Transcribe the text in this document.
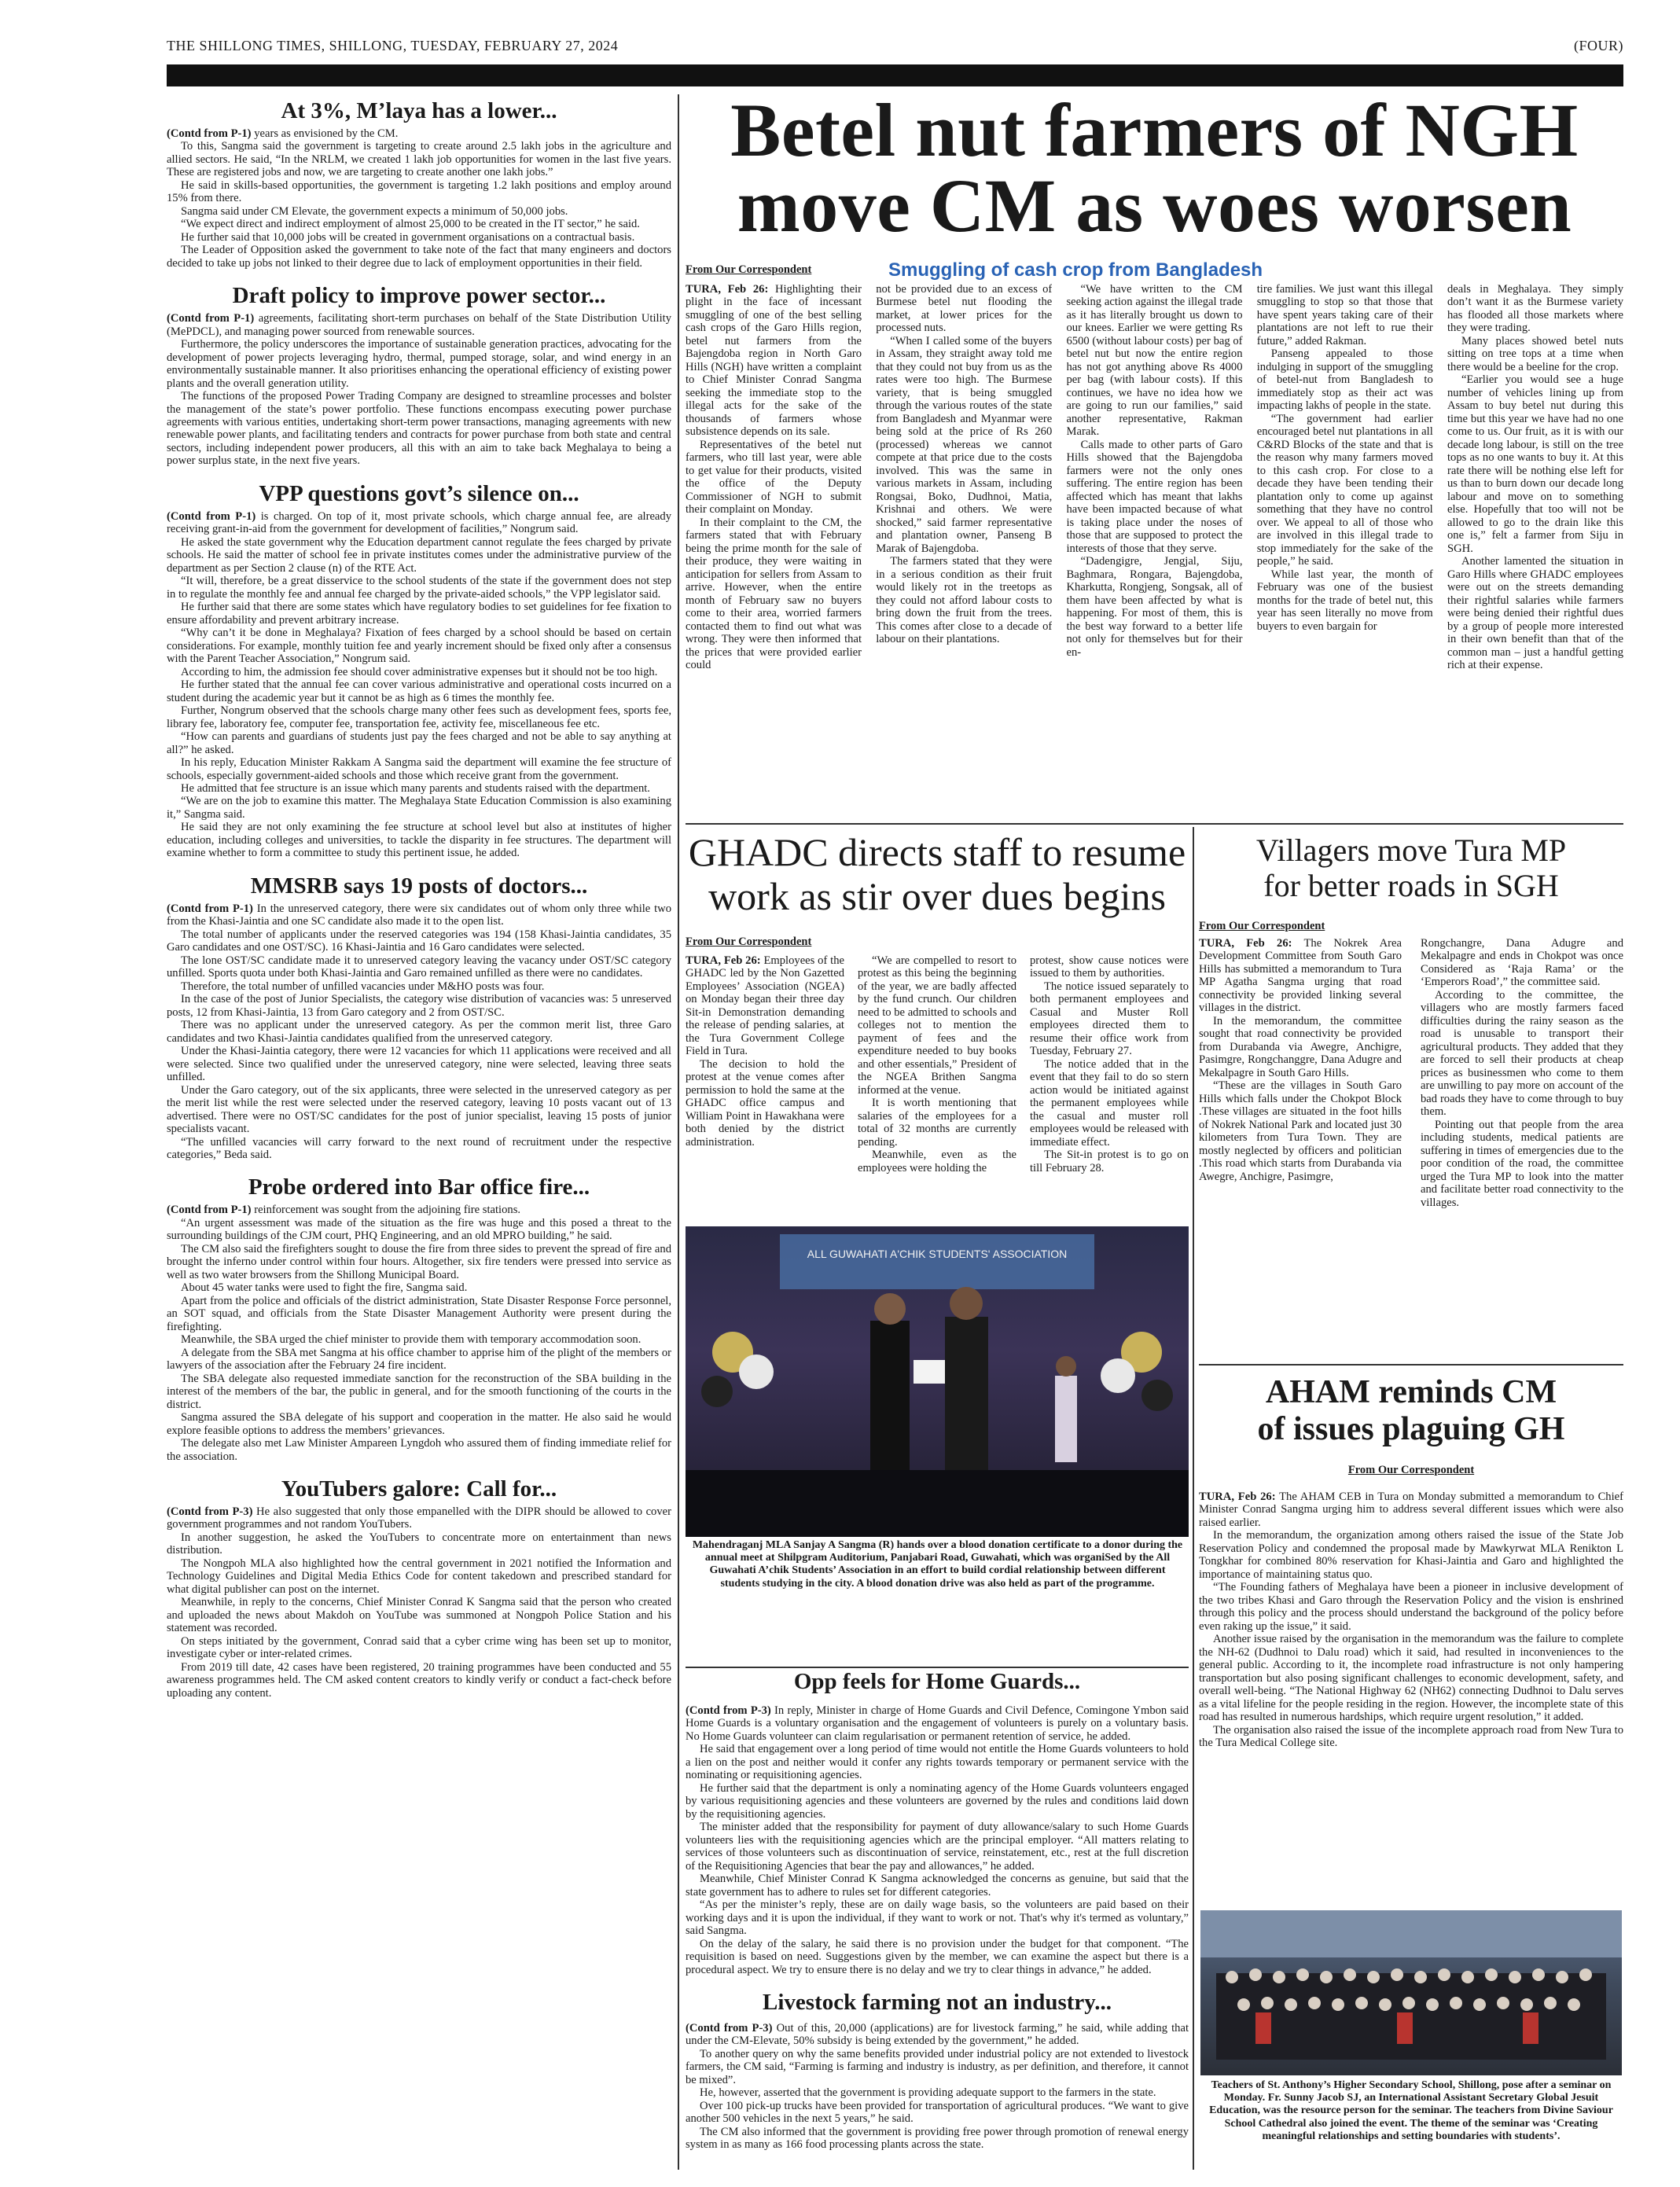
THE SHILLONG TIMES, SHILLONG, TUESDAY, FEBRUARY 27, 2024	(FOUR)
At 3%, M’laya has a lower...

(Contd from P-1) years as envisioned by the CM.

To this, Sangma said the government is targeting to create around 2.5 lakh jobs in the agriculture and allied sectors. He said, “In the NRLM, we created 1 lakh job opportunities for women in the last five years. These are registered jobs and now, we are targeting to create another one lakh jobs.”

He said in skills-based opportunities, the government is targeting 1.2 lakh positions and employ around 15% from there.

Sangma said under CM Elevate, the government expects a minimum of 50,000 jobs.

“We expect direct and indirect employment of almost 25,000 to be created in the IT sector,” he said.

He further said that 10,000 jobs will be created in government organisations on a contractual basis.

The Leader of Opposition asked the government to take note of the fact that many engineers and doctors decided to take up jobs not linked to their degree due to lack of employment opportunities in their field.

Draft policy to improve power sector...

(Contd from P-1) agreements, facilitating short-term purchases on behalf of the State Distribution Utility (MePDCL), and managing power sourced from renewable sources.

Furthermore, the policy underscores the importance of sustainable generation practices, advocating for the development of power projects leveraging hydro, thermal, pumped storage, solar, and wind energy in an environmentally sustainable manner. It also prioritises enhancing the operational efficiency of existing power plants and the overall generation utility.

The functions of the proposed Power Trading Company are designed to streamline processes and bolster the management of the state’s power portfolio. These functions encompass executing power purchase agreements with various entities, undertaking short-term power transactions, managing agreements with new renewable power plants, and facilitating tenders and contracts for power purchase from both state and central sectors, including independent power producers, all this with an aim to take back Meghalaya to being a power surplus state, in the next five years.

VPP questions govt’s silence on...

(Contd from P-1) is charged. On top of it, most private schools, which charge annual fee, are already receiving grant-in-aid from the government for development of facilities,” Nongrum said.

He asked the state government why the Education department cannot regulate the fees charged by private schools. He said the matter of school fee in private institutes comes under the administrative purview of the department as per Section 2 clause (n) of the RTE Act.

“It will, therefore, be a great disservice to the school students of the state if the government does not step in to regulate the monthly fee and annual fee charged by the private-aided schools,” the VPP legislator said.

He further said that there are some states which have regulatory bodies to set guidelines for fee fixation to ensure affordability and prevent arbitrary increase.

“Why can’t it be done in Meghalaya? Fixation of fees charged by a school should be based on certain considerations. For example, monthly tuition fee and yearly increment should be fixed only after a consensus with the Parent Teacher Association,” Nongrum said.

According to him, the admission fee should cover administrative expenses but it should not be too high.

He further stated that the annual fee can cover various administrative and operational costs incurred on a student during the academic year but it cannot be as high as 6 times the monthly fee.

Further, Nongrum observed that the schools charge many other fees such as development fees, sports fee, library fee, laboratory fee, computer fee, transportation fee, activity fee, miscellaneous fee etc.

“How can parents and guardians of students just pay the fees charged and not be able to say anything at all?” he asked.

In his reply, Education Minister Rakkam A Sangma said the department will examine the fee structure of schools, especially government-aided schools and those which receive grant from the government.

He admitted that fee structure is an issue which many parents and students raised with the department.

“We are on the job to examine this matter. The Meghalaya State Education Commission is also examining it,” Sangma said.

He said they are not only examining the fee structure at school level but also at institutes of higher education, including colleges and universities, to tackle the disparity in fee structures. The department will examine whether to form a committee to study this pertinent issue, he added.

MMSRB says 19 posts of doctors...

(Contd from P-1) In the unreserved category, there were six candidates out of whom only three while two from the Khasi-Jaintia and one SC candidate also made it to the open list.

The total number of applicants under the reserved categories was 194 (158 Khasi-Jaintia candidates, 35 Garo candidates and one OST/SC). 16 Khasi-Jaintia and 16 Garo candidates were selected.

The lone OST/SC candidate made it to unreserved category leaving the vacancy under OST/SC category unfilled. Sports quota under both Khasi-Jaintia and Garo remained unfilled as there were no candidates.

Therefore, the total number of unfilled vacancies under M&HO posts was four.

In the case of the post of Junior Specialists, the category wise distribution of vacancies was: 5 unreserved posts, 12 from Khasi-Jaintia, 13 from Garo category and 2 from OST/SC.

There was no applicant under the unreserved category. As per the common merit list, three Garo candidates and two Khasi-Jaintia candidates qualified from the unreserved category.

Under the Khasi-Jaintia category, there were 12 vacancies for which 11 applications were received and all were selected. Since two qualified under the unreserved category, nine were selected, leaving three seats unfilled.

Under the Garo category, out of the six applicants, three were selected in the unreserved category as per the merit list while the rest were selected under the reserved category, leaving 10 posts vacant out of 13 advertised. There were no OST/SC candidates for the post of junior specialist, leaving 15 posts of junior specialists vacant.

“The unfilled vacancies will carry forward to the next round of recruitment under the respective categories,” Beda said.

Probe ordered into Bar office fire...

(Contd from P-1) reinforcement was sought from the adjoining fire stations.

“An urgent assessment was made of the situation as the fire was huge and this posed a threat to the surrounding buildings of the CJM court, PHQ Engineering, and an old MPRO building,” he said.

The CM also said the firefighters sought to douse the fire from three sides to prevent the spread of fire and brought the inferno under control within four hours. Altogether, six fire tenders were pressed into service as well as two water browsers from the Shillong Municipal Board.

About 45 water tanks were used to fight the fire, Sangma said.

Apart from the police and officials of the district administration, State Disaster Response Force personnel, an SOT squad, and officials from the State Disaster Management Authority were present during the firefighting.

Meanwhile, the SBA urged the chief minister to provide them with temporary accommodation soon.

A delegate from the SBA met Sangma at his office chamber to apprise him of the plight of the members or lawyers of the association after the February 24 fire incident.

The SBA delegate also requested immediate sanction for the reconstruction of the SBA building in the interest of the members of the bar, the public in general, and for the smooth functioning of the courts in the district.

Sangma assured the SBA delegate of his support and cooperation in the matter. He also said he would explore feasible options to address the members’ grievances.

The delegate also met Law Minister Ampareen Lyngdoh who assured them of finding immediate relief for the association.

YouTubers galore: Call for...

(Contd from P-3) He also suggested that only those empanelled with the DIPR should be allowed to cover government programmes and not random YouTubers.

In another suggestion, he asked the YouTubers to concentrate more on entertainment than news distribution.

The Nongpoh MLA also highlighted how the central government in 2021 notified the Information and Technology Guidelines and Digital Media Ethics Code for content takedown and prescribed standard for what digital publisher can post on the internet.

Meanwhile, in reply to the concerns, Chief Minister Conrad K Sangma said that the person who created and uploaded the news about Makdoh on YouTube was summoned at Nongpoh Police Station and his statement was recorded.

On steps initiated by the government, Conrad said that a cyber crime wing has been set up to monitor, investigate cyber or inter-related crimes.

From 2019 till date, 42 cases have been registered, 20 training programmes have been conducted and 55 awareness programmes held. The CM asked content creators to kindly verify or conduct a fact-check before uploading any content.

Betel nut farmers of NGH
move CM as woes worsen
From Our Correspondent	Smuggling of cash crop from Bangladesh

TURA, Feb 26: Highlighting their plight in the face of incessant smuggling of one of the best selling cash crops of the Garo Hills region, betel nut farmers from the Bajengdoba region in North Garo Hills (NGH) have written a complaint to Chief Minister Conrad Sangma seeking the immediate stop to the illegal acts for the sake of the thousands of farmers whose subsistence depends on its sale.

Representatives of the betel nut farmers, who till last year, were able to get value for their products, visited the office of the Deputy Commissioner of NGH to submit their complaint on Monday.

In their complaint to the CM, the farmers stated that with February being the prime month for the sale of their produce, they were waiting in anticipation for sellers from Assam to arrive. However, when the entire month of February saw no buyers come to their area, worried farmers contacted them to find out what was wrong. They were then informed that the prices that were provided earlier could

not be provided due to an excess of Burmese betel nut flooding the market, at lower prices for the processed nuts.

“When I called some of the buyers in Assam, they straight away told me that they could not buy from us as the rates were too high. The Burmese variety, that is being smuggled through the various routes of the state from Bangladesh and Myanmar were being sold at the price of Rs 260 (processed) whereas we cannot compete at that price due to the costs involved. This was the same in various markets in Assam, including Rongsai, Boko, Dudhnoi, Matia, Krishnai and others. We were shocked,” said farmer representative and plantation owner, Panseng B Marak of Bajengdoba.

The farmers stated that they were in a serious condition as their fruit would likely rot in the treetops as they could not afford labour costs to bring down the fruit from the trees. This comes after close to a decade of labour on their plantations.

“We have written to the CM seeking action against the illegal trade as it has literally brought us down to our knees. Earlier we were getting Rs 6500 (without labour costs) per bag of betel nut but now the entire region has not got anything above Rs 4000 per bag (with labour costs). If this continues, we have no idea how we are going to run our families,” said another representative, Rakman Marak.

Calls made to other parts of Garo Hills showed that the Bajengdoba farmers were not the only ones suffering. The entire region has been affected which has meant that lakhs have been impacted because of what is taking place under the noses of those that are supposed to protect the interests of those that they serve.

“Dadengigre, Jengjal, Siju, Baghmara, Rongara, Bajengdoba, Kharkutta, Rongjeng, Songsak, all of them have been affected by what is happening. For most of them, this is the best way forward to a better life not only for themselves but for their en-

tire families. We just want this illegal smuggling to stop so that those that have spent years taking care of their plantations are not left to rue their future,” added Rakman.

Panseng appealed to those indulging in support of the smuggling of betel-nut from Bangladesh to immediately stop as their act was impacting lakhs of people in the state.

“The government had earlier encouraged betel nut plantations in all C&RD Blocks of the state and that is the reason why many farmers moved to this cash crop. For close to a decade they have been tending their plantation only to come up against something that they have no control over. We appeal to all of those who are involved in this illegal trade to stop immediately for the sake of the people,” he said.

While last year, the month of February was one of the busiest months for the trade of betel nut, this year has seen literally no move from buyers to even bargain for

deals in Meghalaya. They simply don’t want it as the Burmese variety has flooded all those markets where they were trading.

Many places showed betel nuts sitting on tree tops at a time when there would be a beeline for the crop.

“Earlier you would see a huge number of vehicles lining up from Assam to buy betel nut during this time but this year we have had no one come to us. Our fruit, as it is with our decade long labour, is still on the tree tops as no one wants to buy it. At this rate there will be nothing else left for us than to burn down our decade long labour and move on to something else. Hopefully that too will not be allowed to go to the drain like this one is,” felt a farmer from Siju in SGH.

Another lamented the situation in Garo Hills where GHADC employees were out on the streets demanding their rightful salaries while farmers were being denied their rightful dues by a group of people more interested in their own benefit than that of the common man – just a handful getting rich at their expense.

GHADC directs staff to resume
work as stir over dues begins
From Our Correspondent

TURA, Feb 26: Employees of the GHADC led by the Non Gazetted Employees’ Association (NGEA) on Monday began their three day Sit-in Demonstration demanding the release of pending salaries, at the Tura Government College Field in Tura.

The decision to hold the protest at the venue comes after permission to hold the same at the GHADC office campus and William Point in Hawakhana were both denied by the district administration.

“We are compelled to resort to protest as this being the beginning of the year, we are badly affected by the fund crunch. Our children need to be admitted to schools and colleges not to mention the payment of fees and the expenditure needed to buy books and other essentials,” President of the NGEA Brithen Sangma informed at the venue.

It is worth mentioning that salaries of the employees for a total of 32 months are currently pending.

Meanwhile, even as the employees were holding the

protest, show cause notices were issued to them by authorities.

The notice issued separately to both permanent employees and Casual and Muster Roll employees directed them to resume their office work from Tuesday, February 27.

The notice added that in the event that they fail to do so stern action would be initiated against the permanent employees while the casual and muster roll employees would be released with immediate effect.

The Sit-in protest is to go on till February 28.

ALL GUWAHATI A'CHIK STUDENTS' ASSOCIATION
Mahendraganj MLA Sanjay A Sangma (R) hands over a blood donation certificate to a donor during the annual meet at Shilpgram Auditorium, Panjabari Road, Guwahati, which was organiSed by the All Guwahati A’chik Students’ Association in an effort to build cordial relationship between different students studying in the city. A blood donation drive was also held as part of the programme.
Villagers move Tura MP
for better roads in SGH
From Our Correspondent

TURA, Feb 26: The Nokrek Area Development Committee from South Garo Hills has submitted a memorandum to Tura MP Agatha Sangma urging that road connectivity be provided linking several villages in the district.

In the memorandum, the committee sought that road connectivity be provided from Durabanda via Awegre, Anchigre, Pasimgre, Rongchanggre, Dana Adugre and Mekalpagre in South Garo Hills.

“These are the villages in South Garo Hills which falls under the Chokpot Block .These villages are situated in the foot hills of Nokrek National Park and located just 30 kilometers from Tura Town. They are mostly neglected by officers and politician .This road which starts from Durabanda via Awegre, Anchigre, Pasimgre,

Rongchangre, Dana Adugre and Mekalpagre and ends in Chokpot was once Considered as ‘Raja Rama’ or the ‘Emperors Road’,” the committee said.

According to the committee, the villagers who are mostly farmers faced difficulties during the rainy season as the road is unusable to transport their agricultural products. They added that they are forced to sell their products at cheap prices as businessmen who come to them are unwilling to pay more on account of the bad roads they have to come through to buy them.

Pointing out that people from the area including students, medical patients are suffering in times of emergencies due to the poor condition of the road, the committee urged the Tura MP to look into the matter and facilitate better road connectivity to the villages.

AHAM reminds CM
of issues plaguing GH
From Our Correspondent

TURA, Feb 26: The AHAM CEB in Tura on Monday submitted a memorandum to Chief Minister Conrad Sangma urging him to address several different issues which were also raised earlier.

In the memorandum, the organization among others raised the issue of the State Job Reservation Policy and condemned the proposal made by Mawkyrwat MLA Renikton L Tongkhar for combined 80% reservation for Khasi-Jaintia and Garo and highlighted the importance of maintaining status quo.

“The Founding fathers of Meghalaya have been a pioneer in inclusive development of the two tribes Khasi and Garo through the Reservation Policy and the vision is enshrined through this policy and the process should understand the background of the policy before even raking up the issue,” it said.

Another issue raised by the organisation in the memorandum was the failure to complete the NH-62 (Dudhnoi to Dalu road) which it said, had resulted in inconveniences to the general public. According to it, the incomplete road infrastructure is not only hampering transportation but also posing significant challenges to economic development, safety, and overall well-being. “The National Highway 62 (NH62) connecting Dudhnoi to Dalu serves as a vital lifeline for the people residing in the region. However, the incomplete state of this road has resulted in numerous hardships, which require urgent resolution,” it added.

The organisation also raised the issue of the incomplete approach road from New Tura to the Tura Medical College site.

Teachers of St. Anthony’s Higher Secondary School, Shillong, pose after a seminar on Monday. Fr. Sunny Jacob SJ, an International Assistant Secretary Global Jesuit Education, was the resource person for the seminar. The teachers from Divine Saviour School Cathedral also joined the event. The theme of the seminar was ‘Creating meaningful relationships and setting boundaries with students’.
Opp feels for Home Guards...

(Contd from P-3) In reply, Minister in charge of Home Guards and Civil Defence, Comingone Ymbon said Home Guards is a voluntary organisation and the engagement of volunteers is purely on a voluntary basis. No Home Guards volunteer can claim regularisation or permanent retention of service, he added.

He said that engagement over a long period of time would not entitle the Home Guards volunteers to hold a lien on the post and neither would it confer any rights towards temporary or permanent service with the nominating or requisitioning agencies.

He further said that the department is only a nominating agency of the Home Guards volunteers engaged by various requisitioning agencies and these volunteers are governed by the rules and conditions laid down by the requisitioning agencies.

The minister added that the responsibility for payment of duty allowance/salary to such Home Guards volunteers lies with the requisitioning agencies which are the principal employer. “All matters relating to services of those volunteers such as discontinuation of service, reinstatement, etc., rest at the full discretion of the Requisitioning Agencies that bear the pay and allowances,” he added.

Meanwhile, Chief Minister Conrad K Sangma acknowledged the concerns as genuine, but said that the state government has to adhere to rules set for different categories.

“As per the minister’s reply, these are on daily wage basis, so the volunteers are paid based on their working days and it is upon the individual, if they want to work or not. That's why it's termed as voluntary,” said Sangma.

On the delay of the salary, he said there is no provision under the budget for that component. “The requisition is based on need. Suggestions given by the member, we can examine the aspect but there is a procedural aspect. We try to ensure there is no delay and we try to clear things in advance,” he added.

Livestock farming not an industry...

(Contd from P-3) Out of this, 20,000 (applications) are for livestock farming,” he said, while adding that under the CM-Elevate, 50% subsidy is being extended by the government,” he added.

To another query on why the same benefits provided under industrial policy are not extended to livestock farmers, the CM said, “Farming is farming and industry is industry, as per definition, and therefore, it cannot be mixed”.

He, however, asserted that the government is providing adequate support to the farmers in the state.

Over 100 pick-up trucks have been provided for transportation of agricultural produces. “We want to give another 500 vehicles in the next 5 years,” he said.

The CM also informed that the government is providing free power through promotion of renewal energy system in as many as 166 food processing plants across the state.
